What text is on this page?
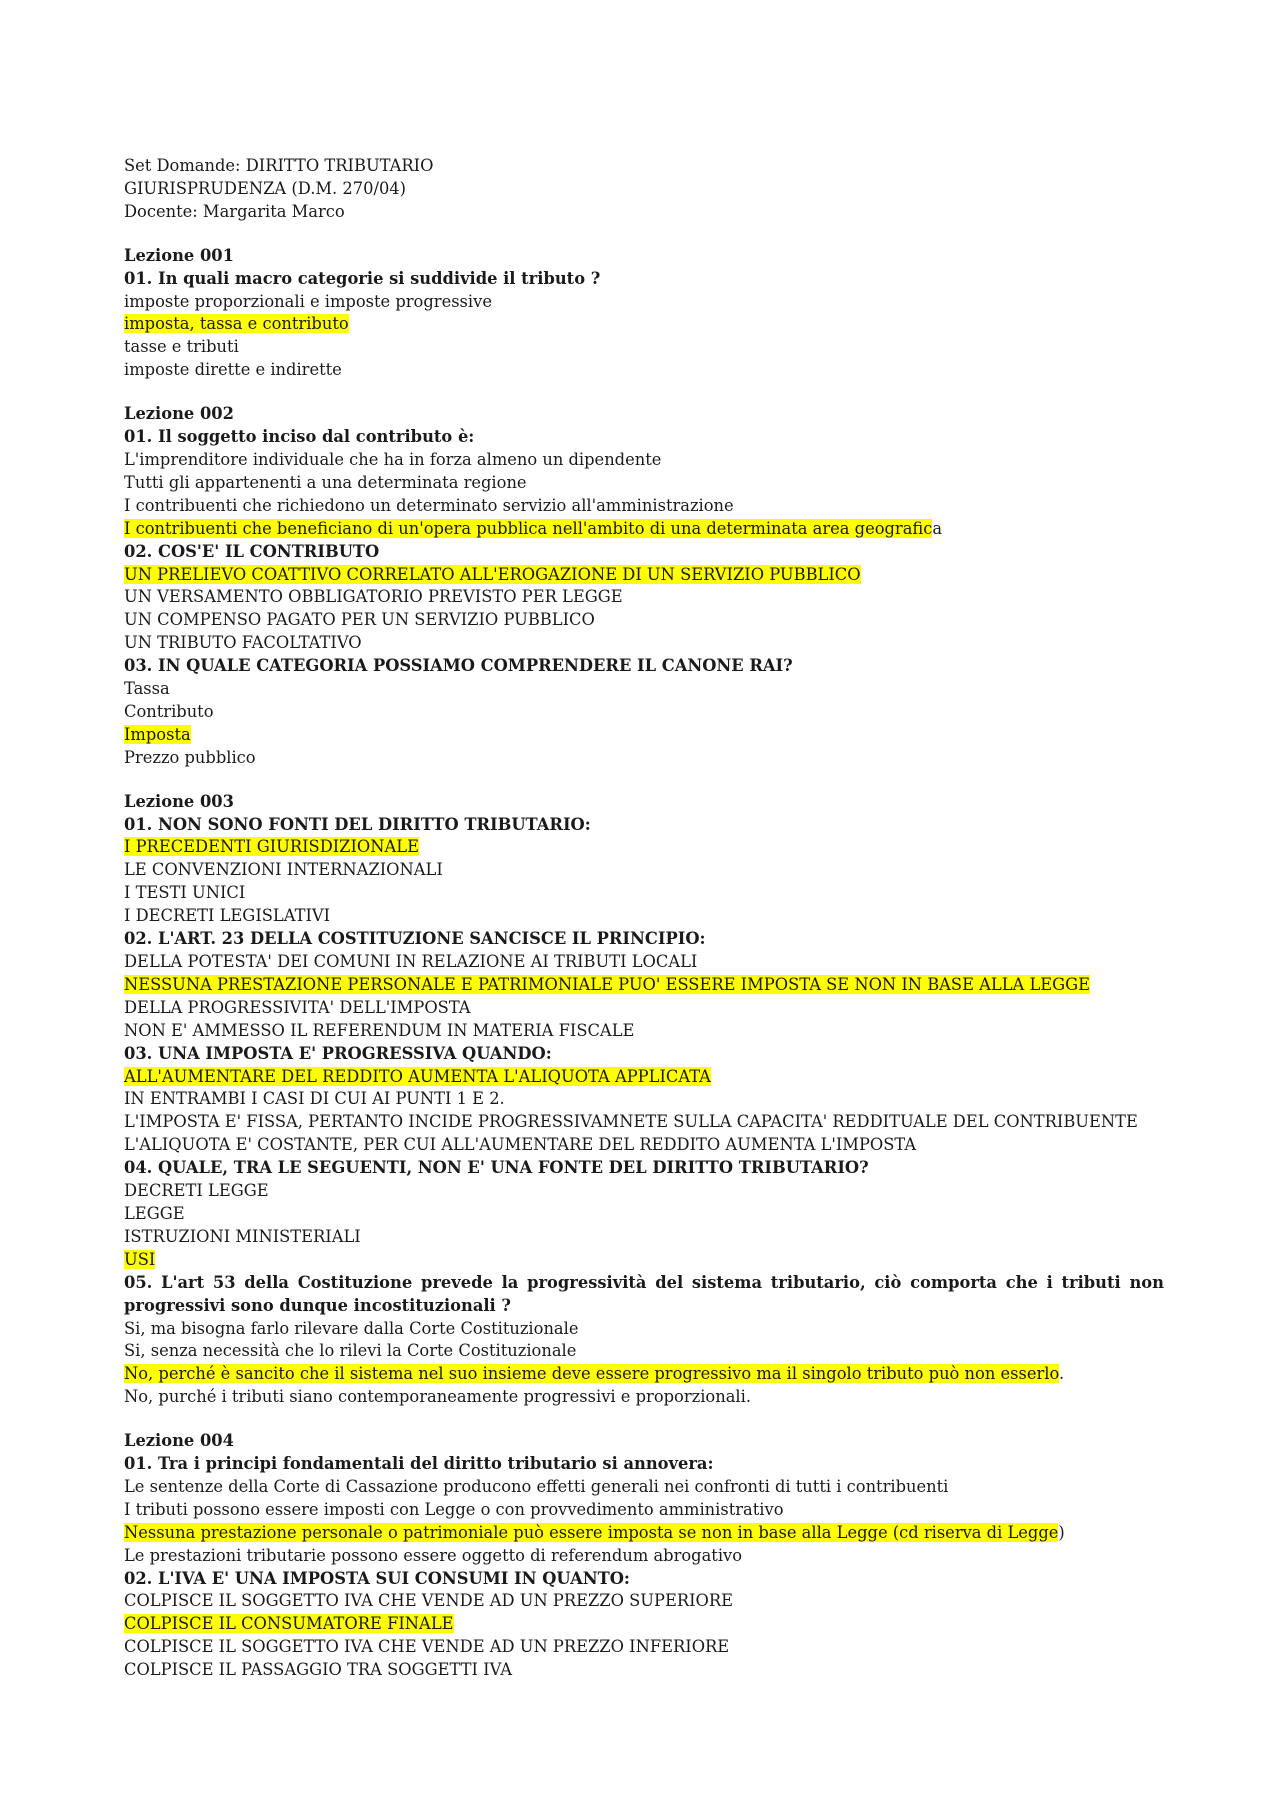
Set Domande: DIRITTO TRIBUTARIO
GIURISPRUDENZA (D.M. 270/04)
Docente: Margarita Marco
Lezione 001
01. In quali macro categorie si suddivide il tributo ?
imposte proporzionali e imposte progressive
imposta, tassa e contributo
tasse e tributi
imposte dirette e indirette
Lezione 002
01. Il soggetto inciso dal contributo è:
L'imprenditore individuale che ha in forza almeno un dipendente
Tutti gli appartenenti a una determinata regione
I contribuenti che richiedono un determinato servizio all'amministrazione
I contribuenti che beneficiano di un'opera pubblica nell'ambito di una determinata area geografica
02. COS'E' IL CONTRIBUTO
UN PRELIEVO COATTIVO CORRELATO ALL'EROGAZIONE DI UN SERVIZIO PUBBLICO
UN VERSAMENTO OBBLIGATORIO PREVISTO PER LEGGE
UN COMPENSO PAGATO PER UN SERVIZIO PUBBLICO
UN TRIBUTO FACOLTATIVO
03. IN QUALE CATEGORIA POSSIAMO COMPRENDERE IL CANONE RAI?
Tassa
Contributo
Imposta
Prezzo pubblico
Lezione 003
01. NON SONO FONTI DEL DIRITTO TRIBUTARIO:
I PRECEDENTI GIURISDIZIONALE
LE CONVENZIONI INTERNAZIONALI
I TESTI UNICI
I DECRETI LEGISLATIVI
02. L'ART. 23 DELLA COSTITUZIONE SANCISCE IL PRINCIPIO:
DELLA POTESTA' DEI COMUNI IN RELAZIONE AI TRIBUTI LOCALI
NESSUNA PRESTAZIONE PERSONALE E PATRIMONIALE PUO' ESSERE IMPOSTA SE NON IN BASE ALLA LEGGE
DELLA PROGRESSIVITA' DELL'IMPOSTA
NON E' AMMESSO IL REFERENDUM IN MATERIA FISCALE
03. UNA IMPOSTA E' PROGRESSIVA QUANDO:
ALL'AUMENTARE DEL REDDITO AUMENTA L'ALIQUOTA APPLICATA
IN ENTRAMBI I CASI DI CUI AI PUNTI 1 E 2.
L'IMPOSTA E' FISSA, PERTANTO INCIDE PROGRESSIVAMNETE SULLA CAPACITA' REDDITUALE DEL CONTRIBUENTE
L'ALIQUOTA E' COSTANTE, PER CUI ALL'AUMENTARE DEL REDDITO AUMENTA L'IMPOSTA
04. QUALE, TRA LE SEGUENTI, NON E' UNA FONTE DEL DIRITTO TRIBUTARIO?
DECRETI LEGGE
LEGGE
ISTRUZIONI MINISTERIALI
USI
05. L'art 53 della Costituzione prevede la progressività del sistema tributario, ciò comporta che i tributi non progressivi sono dunque incostituzionali ?
Si, ma bisogna farlo rilevare dalla Corte Costituzionale
Si, senza necessità che lo rilevi la Corte Costituzionale
No, perché è sancito che il sistema nel suo insieme deve essere progressivo ma il singolo tributo può non esserlo.
No, purché i tributi siano contemporaneamente progressivi e proporzionali.
Lezione 004
01. Tra i principi fondamentali del diritto tributario si annovera:
Le sentenze della Corte di Cassazione producono effetti generali nei confronti di tutti i contribuenti
I tributi possono essere imposti con Legge o con provvedimento amministrativo
Nessuna prestazione personale o patrimoniale può essere imposta se non in base alla Legge (cd riserva di Legge)
Le prestazioni tributarie possono essere oggetto di referendum abrogativo
02. L'IVA E' UNA IMPOSTA SUI CONSUMI IN QUANTO:
COLPISCE IL SOGGETTO IVA CHE VENDE AD UN PREZZO SUPERIORE
COLPISCE IL CONSUMATORE FINALE
COLPISCE IL SOGGETTO IVA CHE VENDE AD UN PREZZO INFERIORE
COLPISCE IL PASSAGGIO TRA SOGGETTI IVA
